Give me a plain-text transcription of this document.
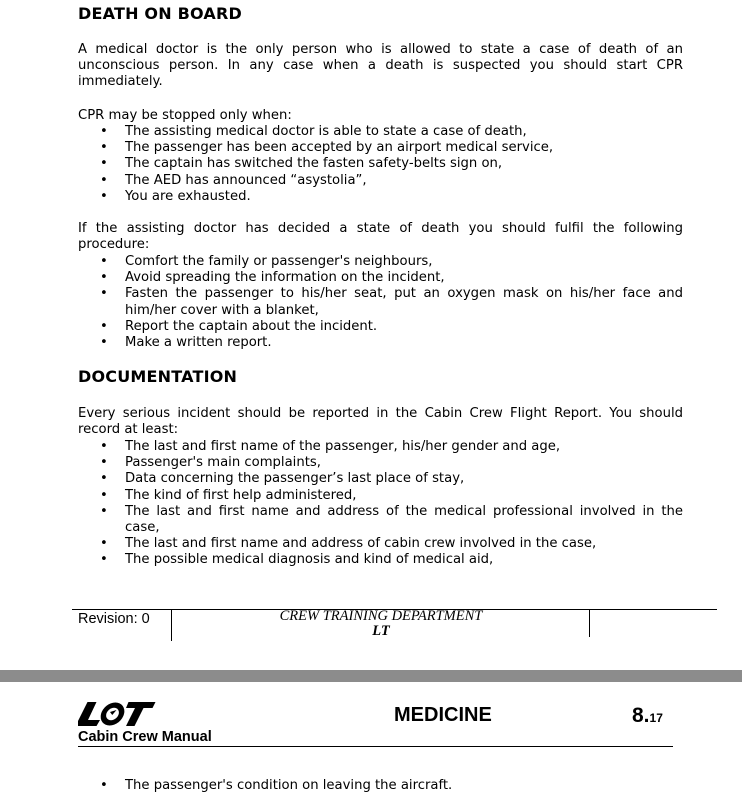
DEATH ON BOARD
A medical doctor is the only person who is allowed to state a case of death of an unconscious person. In any case when a death is suspected you should start CPR immediately.
CPR may be stopped only when:
• The assisting medical doctor is able to state a case of death,
• The passenger has been accepted by an airport medical service,
• The captain has switched the fasten safety-belts sign on,
• The AED has announced “asystolia”,
• You are exhausted.
If the assisting doctor has decided a state of death you should fulfil the following procedure:
• Comfort the family or passenger's neighbours,
• Avoid spreading the information on the incident,
• Fasten the passenger to his/her seat, put an oxygen mask on his/her face and him/her cover with a blanket,
• Report the captain about the incident.
• Make a written report.
DOCUMENTATION
Every serious incident should be reported in the Cabin Crew Flight Report. You should record at least:
• The last and first name of the passenger, his/her gender and age,
• Passenger's main complaints,
• Data concerning the passenger’s last place of stay,
• The kind of first help administered,
• The last and first name and address of the medical professional involved in the case,
• The last and first name and address of cabin crew involved in the case,
• The possible medical diagnosis and kind of medical aid,
Revision: 0	CREW TRAINING DEPARTMENT
LT
Cabin Crew Manual
MEDICINE	8.17
• The passenger's condition on leaving the aircraft.
